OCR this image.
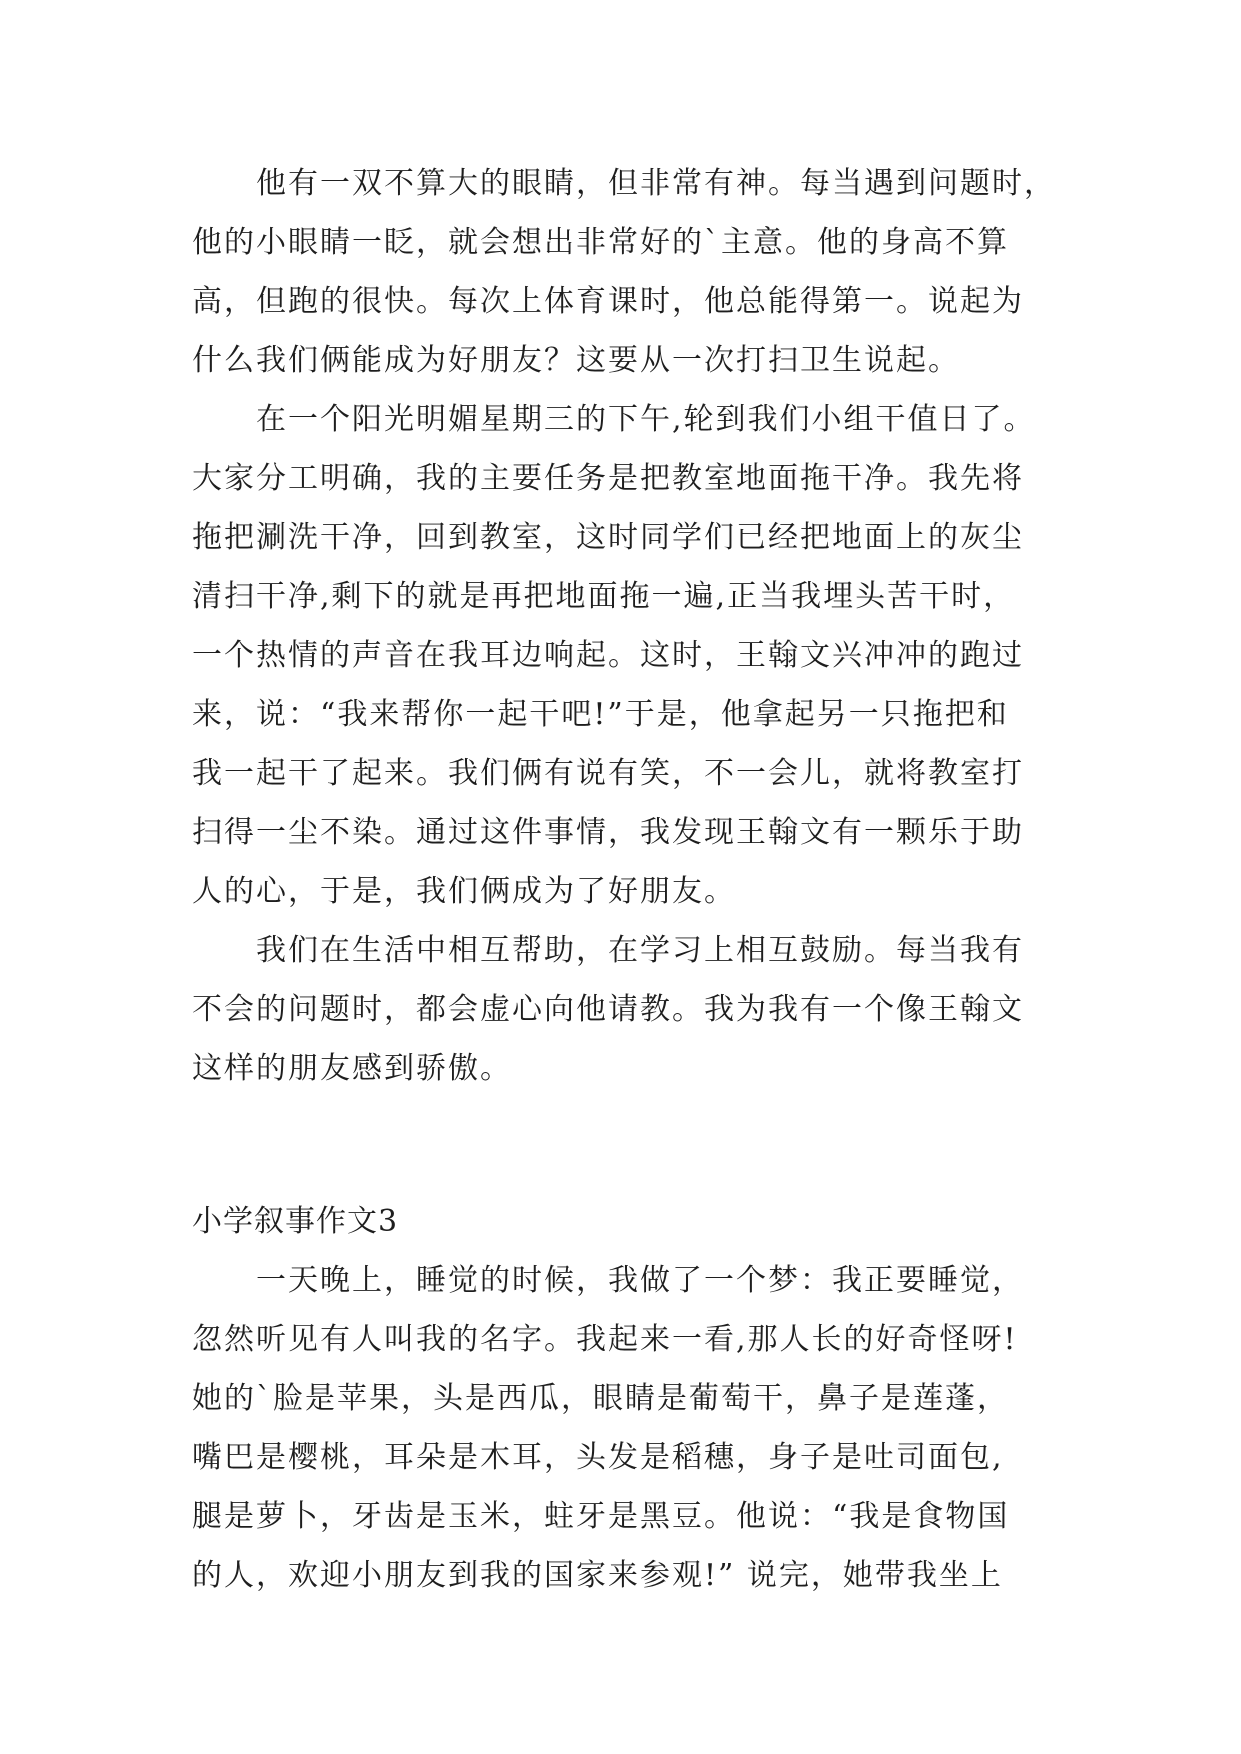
他有一双不算大的眼睛，但非常有神。每当遇到问题时，
他的小眼睛一眨，就会想出非常好的`主意。他的身高不算
高，但跑的很快。每次上体育课时，他总能得第一。说起为
什么我们俩能成为好朋友？这要从一次打扫卫生说起。
在一个阳光明媚星期三的下午,轮到我们小组干值日了。
大家分工明确，我的主要任务是把教室地面拖干净。我先将
拖把涮洗干净，回到教室，这时同学们已经把地面上的灰尘
清扫干净,剩下的就是再把地面拖一遍,正当我埋头苦干时，
一个热情的声音在我耳边响起。这时，王翰文兴冲冲的跑过
来，说：“我来帮你一起干吧!”于是，他拿起另一只拖把和
我一起干了起来。我们俩有说有笑，不一会儿，就将教室打
扫得一尘不染。通过这件事情，我发现王翰文有一颗乐于助
人的心，于是，我们俩成为了好朋友。
我们在生活中相互帮助，在学习上相互鼓励。每当我有
不会的问题时，都会虚心向他请教。我为我有一个像王翰文
这样的朋友感到骄傲。
小学叙事作文3
一天晚上，睡觉的时候，我做了一个梦：我正要睡觉，
忽然听见有人叫我的名字。我起来一看,那人长的好奇怪呀!
她的`脸是苹果，头是西瓜，眼睛是葡萄干，鼻子是莲蓬，
嘴巴是樱桃，耳朵是木耳，头发是稻穗，身子是吐司面包,
腿是萝卜，牙齿是玉米，蛀牙是黑豆。他说：“我是食物国
的人，欢迎小朋友到我的国家来参观!” 说完，她带我坐上
